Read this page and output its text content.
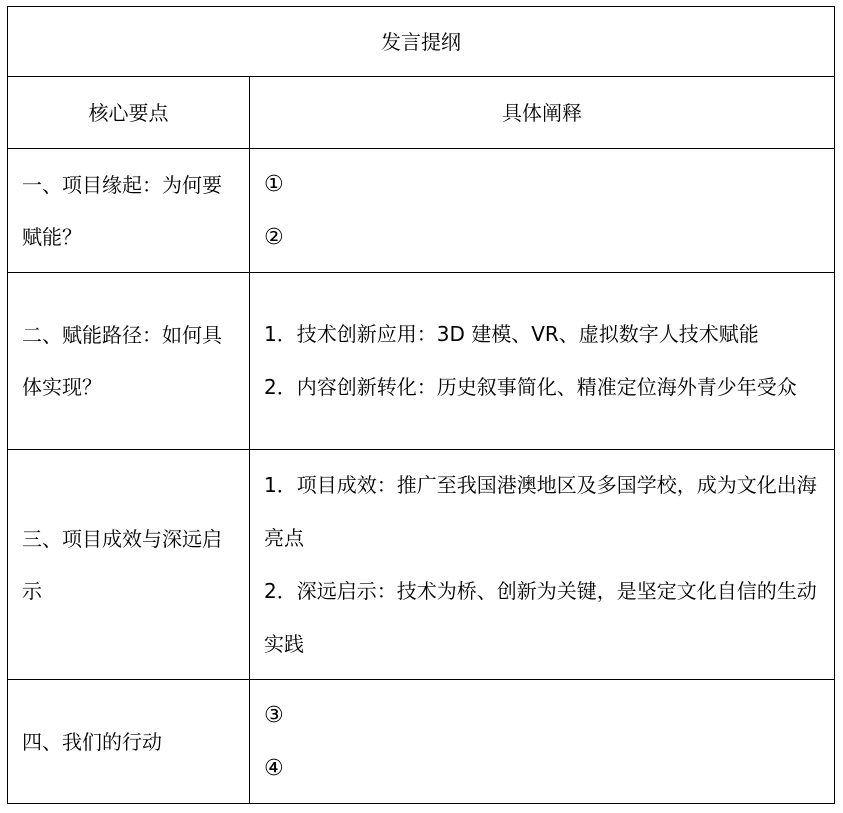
发言提纲	
核心要点	具体阐释
一、项目缘起：为何要赋能？	①
②

二、赋能路径：如何具体实现？	1．技术创新应用：3D 建模、VR、虚拟数字人技术赋能
2．内容创新转化：历史叙事简化、精准定位海外青少年受众

三、项目成效与深远启示	1．项目成效：推广至我国港澳地区及多国学校，成为文化出海亮点
2．深远启示：技术为桥、创新为关键，是坚定文化自信的生动实践

四、我们的行动	③
④
